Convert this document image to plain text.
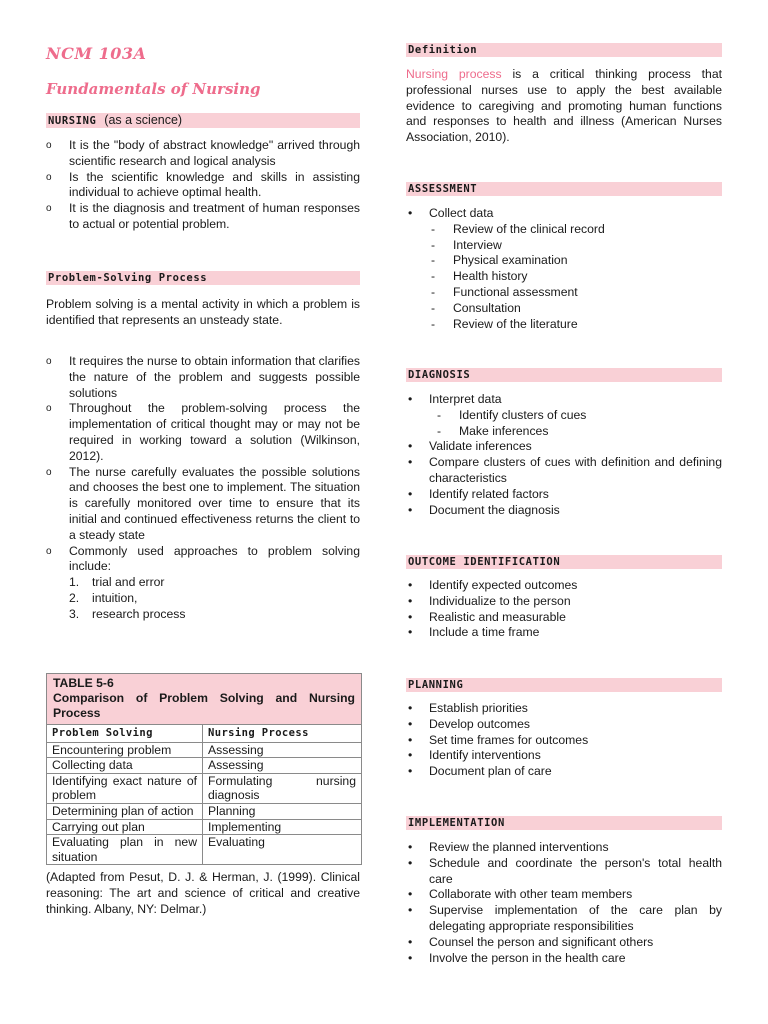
NCM 103A
Fundamentals of Nursing
NURSING (as a science)
o It is the "body of abstract knowledge" arrived through scientific research and logical analysis
o Is the scientific knowledge and skills in assisting individual to achieve optimal health.
o It is the diagnosis and treatment of human responses to actual or potential problem.
Problem-Solving Process
Problem solving is a mental activity in which a problem is identified that represents an unsteady state.
o It requires the nurse to obtain information that clarifies the nature of the problem and suggests possible solutions
o Throughout the problem-solving process the implementation of critical thought may or may not be required in working toward a solution (Wilkinson, 2012).
o The nurse carefully evaluates the possible solutions and chooses the best one to implement. The situation is carefully monitored over time to ensure that its initial and continued effectiveness returns the client to a steady state
o Commonly used approaches to problem solving include:
1. trial and error
2. intuition,
3. research process
TABLE 5-6
Comparison of Problem Solving and Nursing Process
Problem Solving	Nursing Process
Encountering problem	Assessing
Collecting data	Assessing
Identifying exact nature of problem	Formulating nursing diagnosis
Determining plan of action	Planning
Carrying out plan	Implementing
Evaluating plan in new situation	Evaluating
(Adapted from Pesut, D. J. & Herman, J. (1999). Clinical reasoning: The art and science of critical and creative thinking. Albany, NY: Delmar.)
Definition
Nursing process is a critical thinking process that professional nurses use to apply the best available evidence to caregiving and promoting human functions and responses to health and illness (American Nurses Association, 2010).
ASSESSMENT
• Collect data
- Review of the clinical record
- Interview
- Physical examination
- Health history
- Functional assessment
- Consultation
- Review of the literature
DIAGNOSIS
• Interpret data
- Identify clusters of cues
- Make inferences
• Validate inferences
• Compare clusters of cues with definition and defining characteristics
• Identify related factors
• Document the diagnosis
OUTCOME IDENTIFICATION
• Identify expected outcomes
• Individualize to the person
• Realistic and measurable
• Include a time frame
PLANNING
• Establish priorities
• Develop outcomes
• Set time frames for outcomes
• Identify interventions
• Document plan of care
IMPLEMENTATION
• Review the planned interventions
• Schedule and coordinate the person's total health care
• Collaborate with other team members
• Supervise implementation of the care plan by delegating appropriate responsibilities
• Counsel the person and significant others
• Involve the person in the health care
